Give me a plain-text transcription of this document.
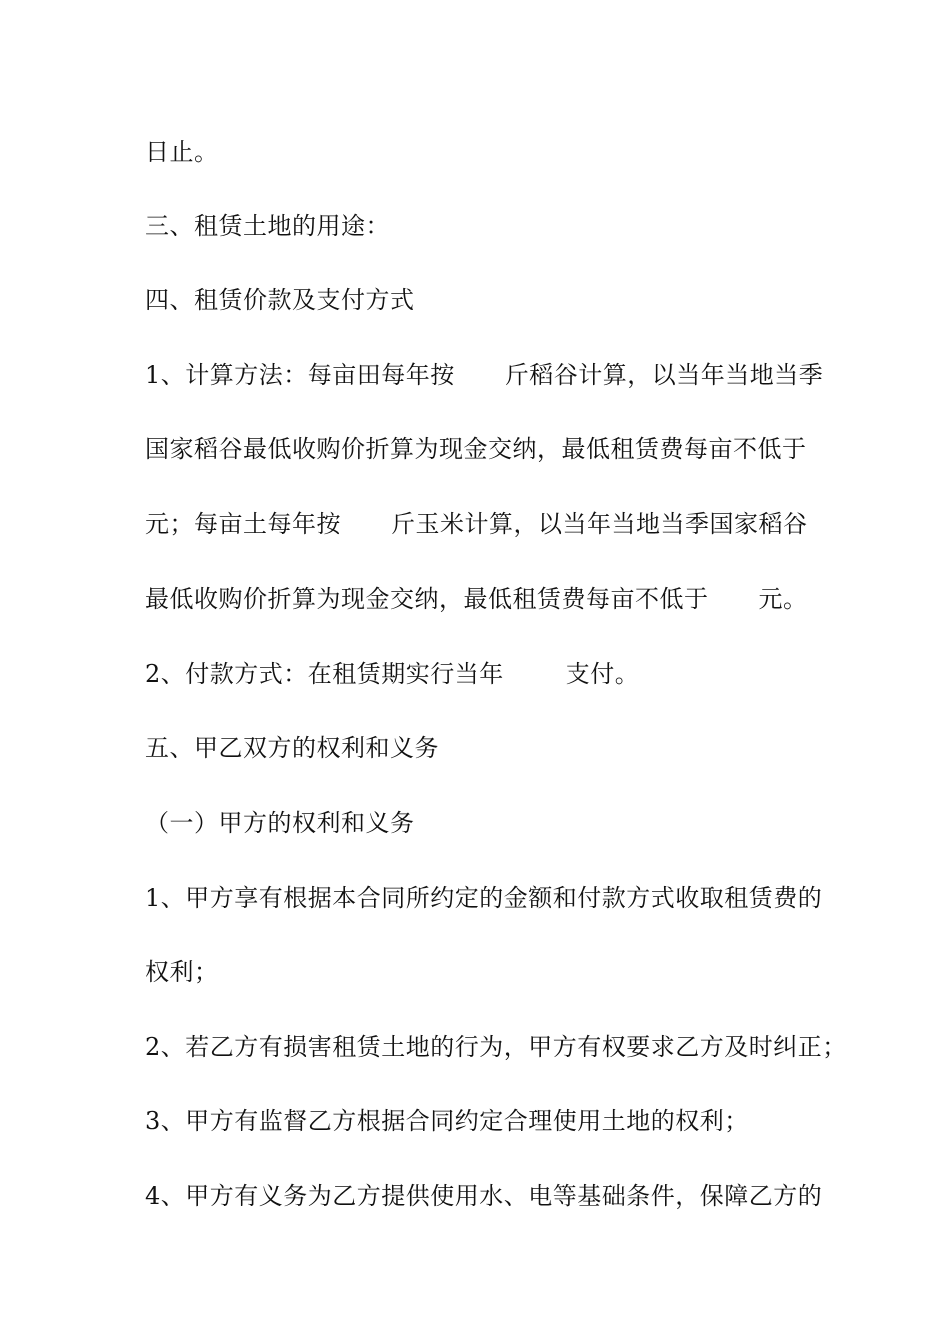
日止。
三、租赁土地的用途：
四、租赁价款及支付方式
1、计算方法：每亩田每年按 斤稻谷计算，以当年当地当季
国家稻谷最低收购价折算为现金交纳，最低租赁费每亩不低于
元；每亩土每年按 斤玉米计算，以当年当地当季国家稻谷
最低收购价折算为现金交纳，最低租赁费每亩不低于 元。
2、付款方式：在租赁期实行当年	支付。
五、甲乙双方的权利和义务
（一）甲方的权利和义务
1、甲方享有根据本合同所约定的金额和付款方式收取租赁费的
权利；
2、若乙方有损害租赁土地的行为，甲方有权要求乙方及时纠正；
3、甲方有监督乙方根据合同约定合理使用土地的权利；
4、甲方有义务为乙方提供使用水、电等基础条件，保障乙方的
